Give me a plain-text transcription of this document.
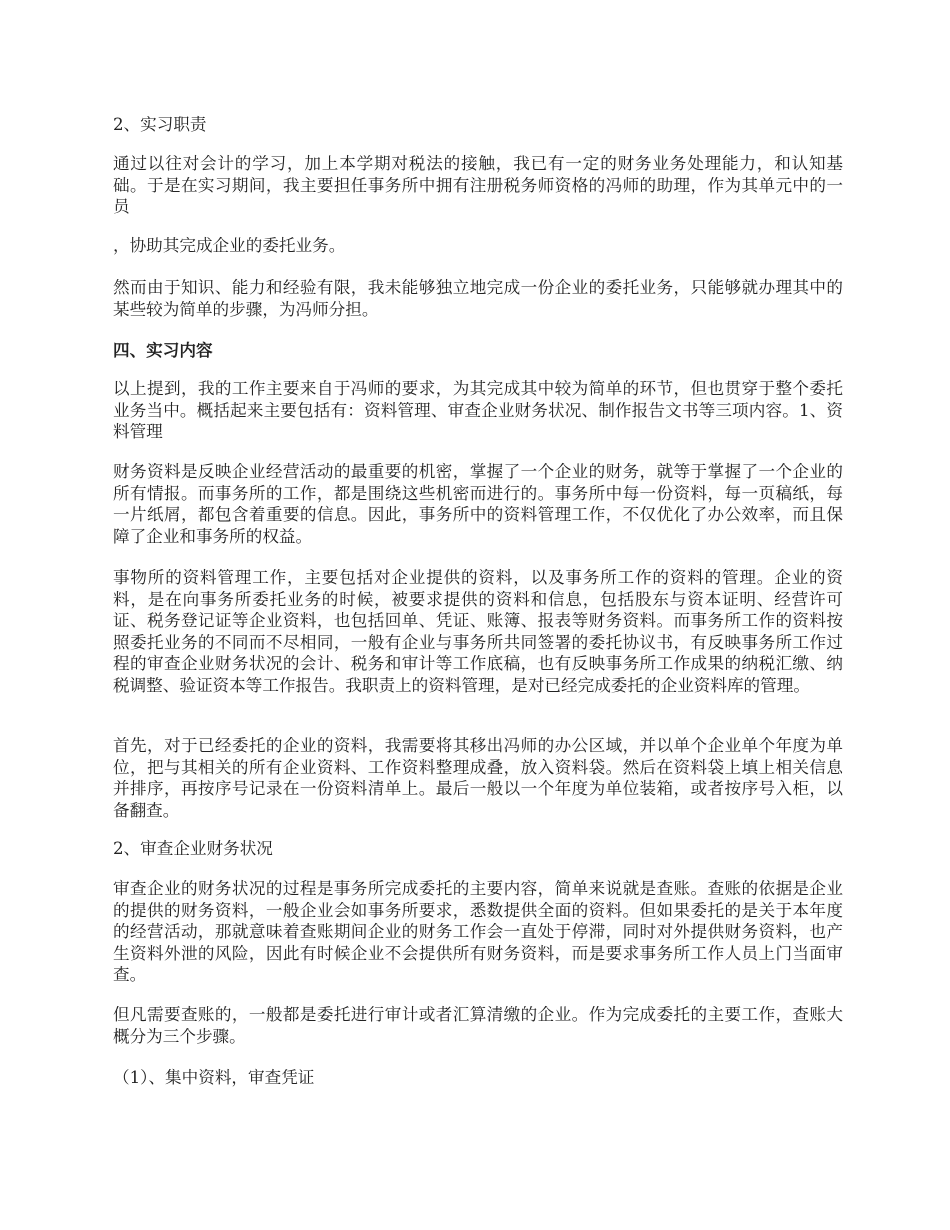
2、实习职责

通过以往对会计的学习，加上本学期对税法的接触，我已有一定的财务业务处理能力，和认知基础。于是在实习期间，我主要担任事务所中拥有注册税务师资格的冯师的助理，作为其单元中的一员

，协助其完成企业的委托业务。

然而由于知识、能力和经验有限，我未能够独立地完成一份企业的委托业务，只能够就办理其中的某些较为简单的步骤，为冯师分担。

四、实习内容

以上提到，我的工作主要来自于冯师的要求，为其完成其中较为简单的环节，但也贯穿于整个委托业务当中。概括起来主要包括有：资料管理、审查企业财务状况、制作报告文书等三项内容。1、资料管理

财务资料是反映企业经营活动的最重要的机密，掌握了一个企业的财务，就等于掌握了一个企业的所有情报。而事务所的工作，都是围绕这些机密而进行的。事务所中每一份资料，每一页稿纸，每一片纸屑，都包含着重要的信息。因此，事务所中的资料管理工作，不仅优化了办公效率，而且保障了企业和事务所的权益。

事物所的资料管理工作，主要包括对企业提供的资料，以及事务所工作的资料的管理。企业的资料，是在向事务所委托业务的时候，被要求提供的资料和信息，包括股东与资本证明、经营许可证、税务登记证等企业资料，也包括回单、凭证、账簿、报表等财务资料。而事务所工作的资料按照委托业务的不同而不尽相同，一般有企业与事务所共同签署的委托协议书，有反映事务所工作过程的审查企业财务状况的会计、税务和审计等工作底稿，也有反映事务所工作成果的纳税汇缴、纳税调整、验证资本等工作报告。我职责上的资料管理，是对已经完成委托的企业资料库的管理。

首先，对于已经委托的企业的资料，我需要将其移出冯师的办公区域，并以单个企业单个年度为单位，把与其相关的所有企业资料、工作资料整理成叠，放入资料袋。然后在资料袋上填上相关信息并排序，再按序号记录在一份资料清单上。最后一般以一个年度为单位装箱，或者按序号入柜，以备翻查。

2、审查企业财务状况

审查企业的财务状况的过程是事务所完成委托的主要内容，简单来说就是查账。查账的依据是企业的提供的财务资料，一般企业会如事务所要求，悉数提供全面的资料。但如果委托的是关于本年度的经营活动，那就意味着查账期间企业的财务工作会一直处于停滞，同时对外提供财务资料，也产生资料外泄的风险，因此有时候企业不会提供所有财务资料，而是要求事务所工作人员上门当面审查。

但凡需要查账的，一般都是委托进行审计或者汇算清缴的企业。作为完成委托的主要工作，查账大概分为三个步骤。

（1）、集中资料，审查凭证
